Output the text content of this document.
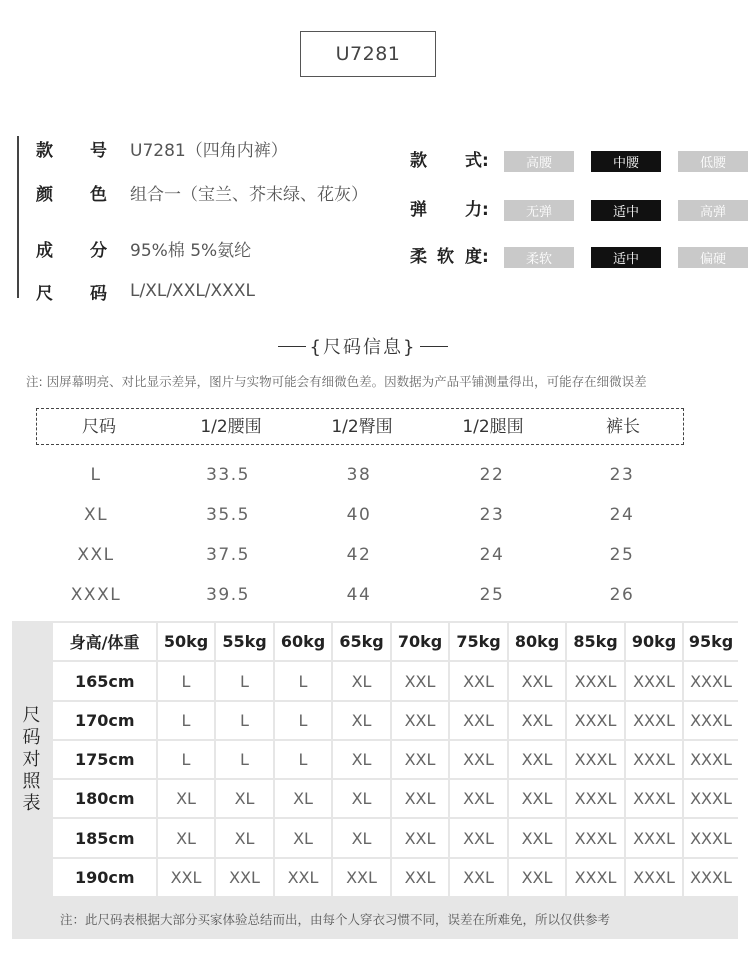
U7281
款 号 U7281（四角内裤）
颜 色 组合一（宝兰、芥末绿、花灰）
成 分 95%棉 5%氨纶
尺 码 L/XL/XXL/XXXL
款 式:	高腰	中腰	低腰
弹 力:	无弹	适中	高弹
柔 软 度:	柔软	适中	偏硬
{尺码信息}
注: 因屏幕明亮、对比显示差异，图片与实物可能会有细微色差。因数据为产品平铺测量得出，可能存在细微误差
尺码	1/2腰围	1/2臀围	1/2腿围	裤长
L	33.5	38	22	23
XL	35.5	40	23	24
XXL	37.5	42	24	25
XXXL	39.5	44	25	26
尺
码
对
照
表
身高/体重	50kg 55kg 60kg 65kg 70kg 75kg 80kg 85kg 90kg 95kg
165cm	L	L	L	XL	XXL	XXL	XXL	XXXL	XXXL XXXL
170cm	L	L	L	XL	XXL	XXL	XXL	XXXL	XXXL XXXL
175cm	L	L	L	XL	XXL	XXL	XXL	XXXL	XXXL XXXL
180cm	XL	XL	XL	XL	XXL	XXL	XXL	XXXL	XXXL XXXL
185cm	XL	XL	XL	XL	XXL	XXL	XXL	XXXL	XXXL XXXL
190cm	XXL	XXL	XXL	XXL	XXL	XXL	XXL	XXXL	XXXL XXXL
注：此尺码表根据大部分买家体验总结而出，由每个人穿衣习惯不同，误差在所难免，所以仅供参考
